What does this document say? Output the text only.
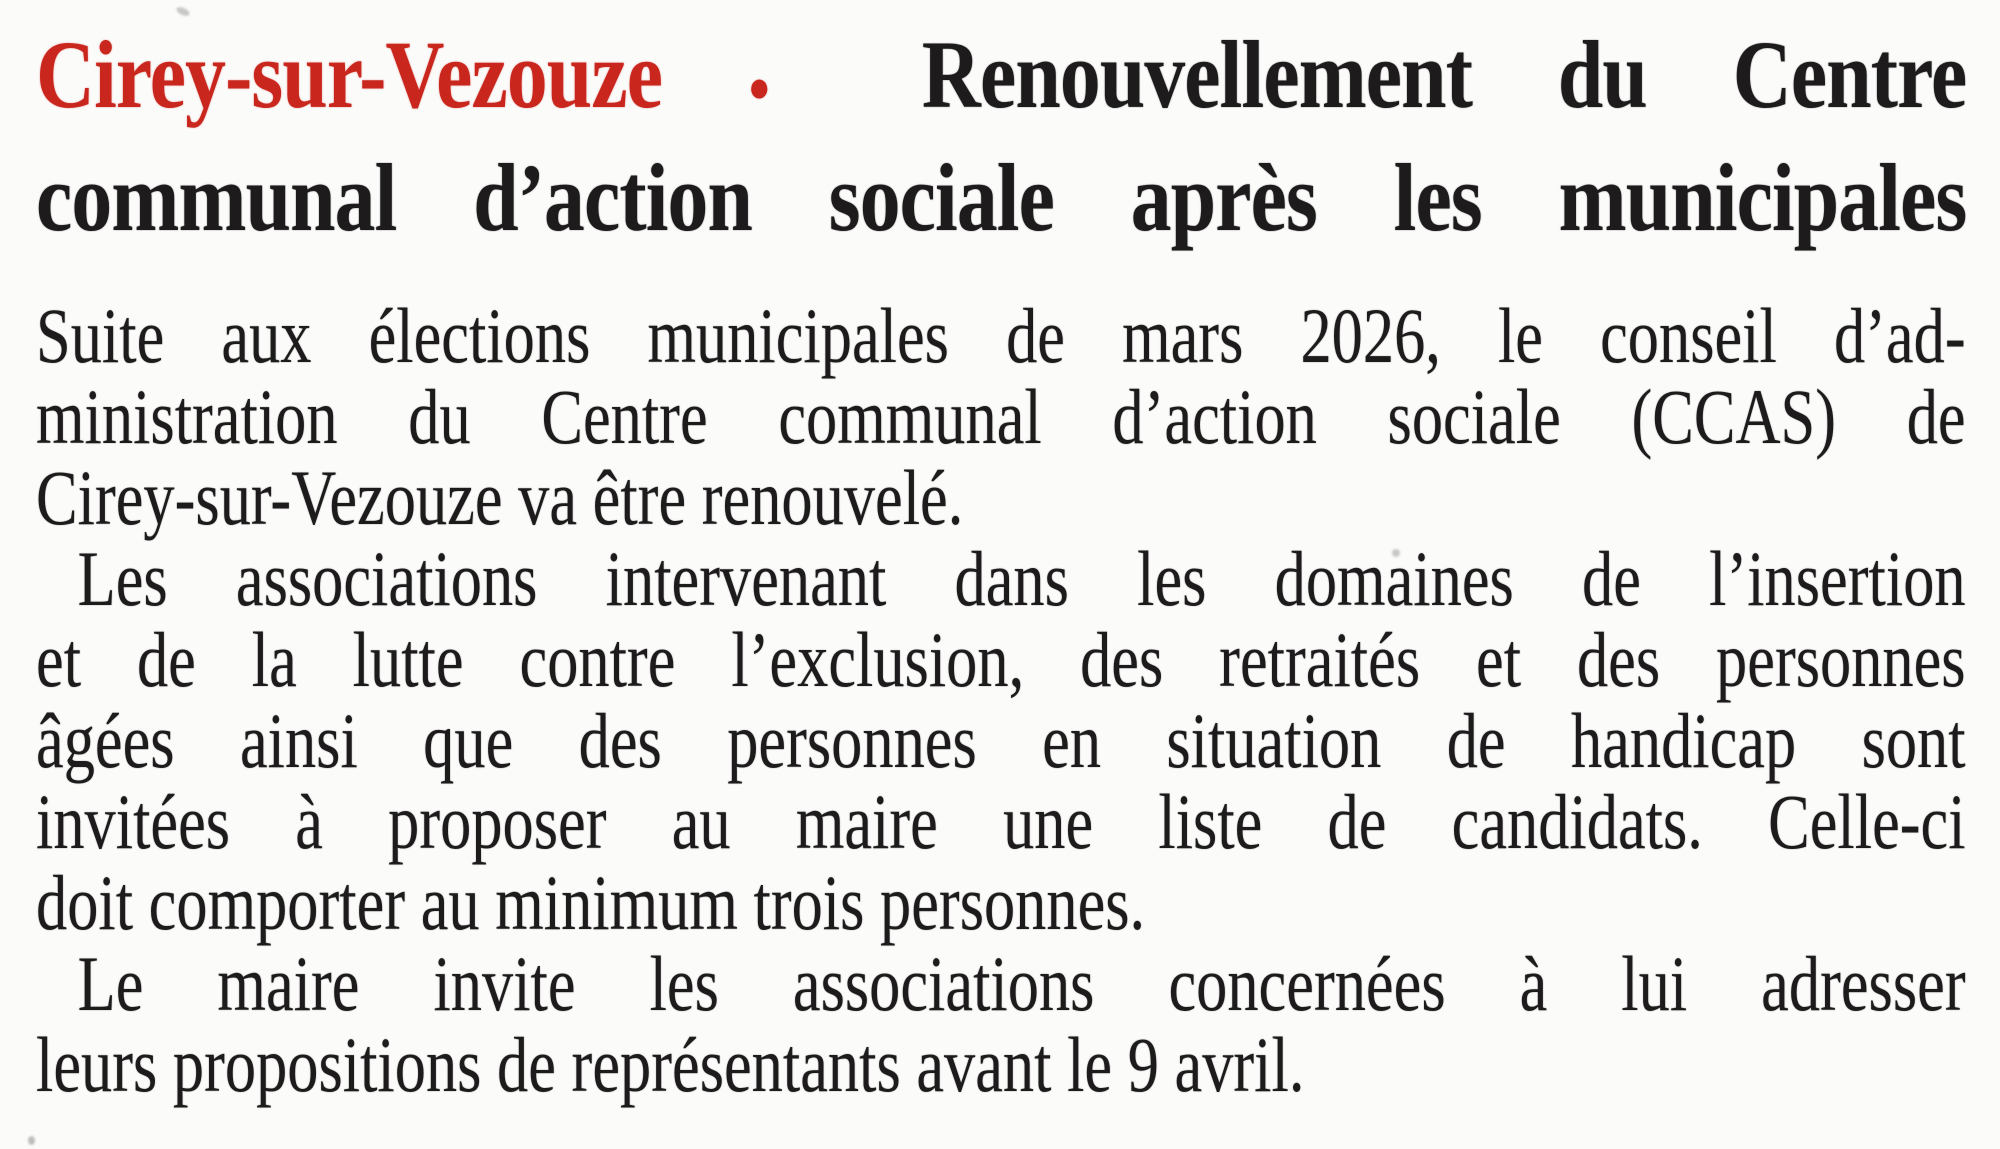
Cirey-sur-Vezouze ● Renouvellement du Centre
communal d’action sociale après les municipales
Suite aux élections municipales de mars 2026, le conseil d’ad-
ministration du Centre communal d’action sociale (CCAS) de
Cirey-sur-Vezouze va être renouvelé.
Les associations intervenant dans les domaines de l’insertion
et de la lutte contre l’exclusion, des retraités et des personnes
âgées ainsi que des personnes en situation de handicap sont
invitées à proposer au maire une liste de candidats. Celle-ci
doit comporter au minimum trois personnes.
Le maire invite les associations concernées à lui adresser
leurs propositions de représentants avant le 9 avril.
